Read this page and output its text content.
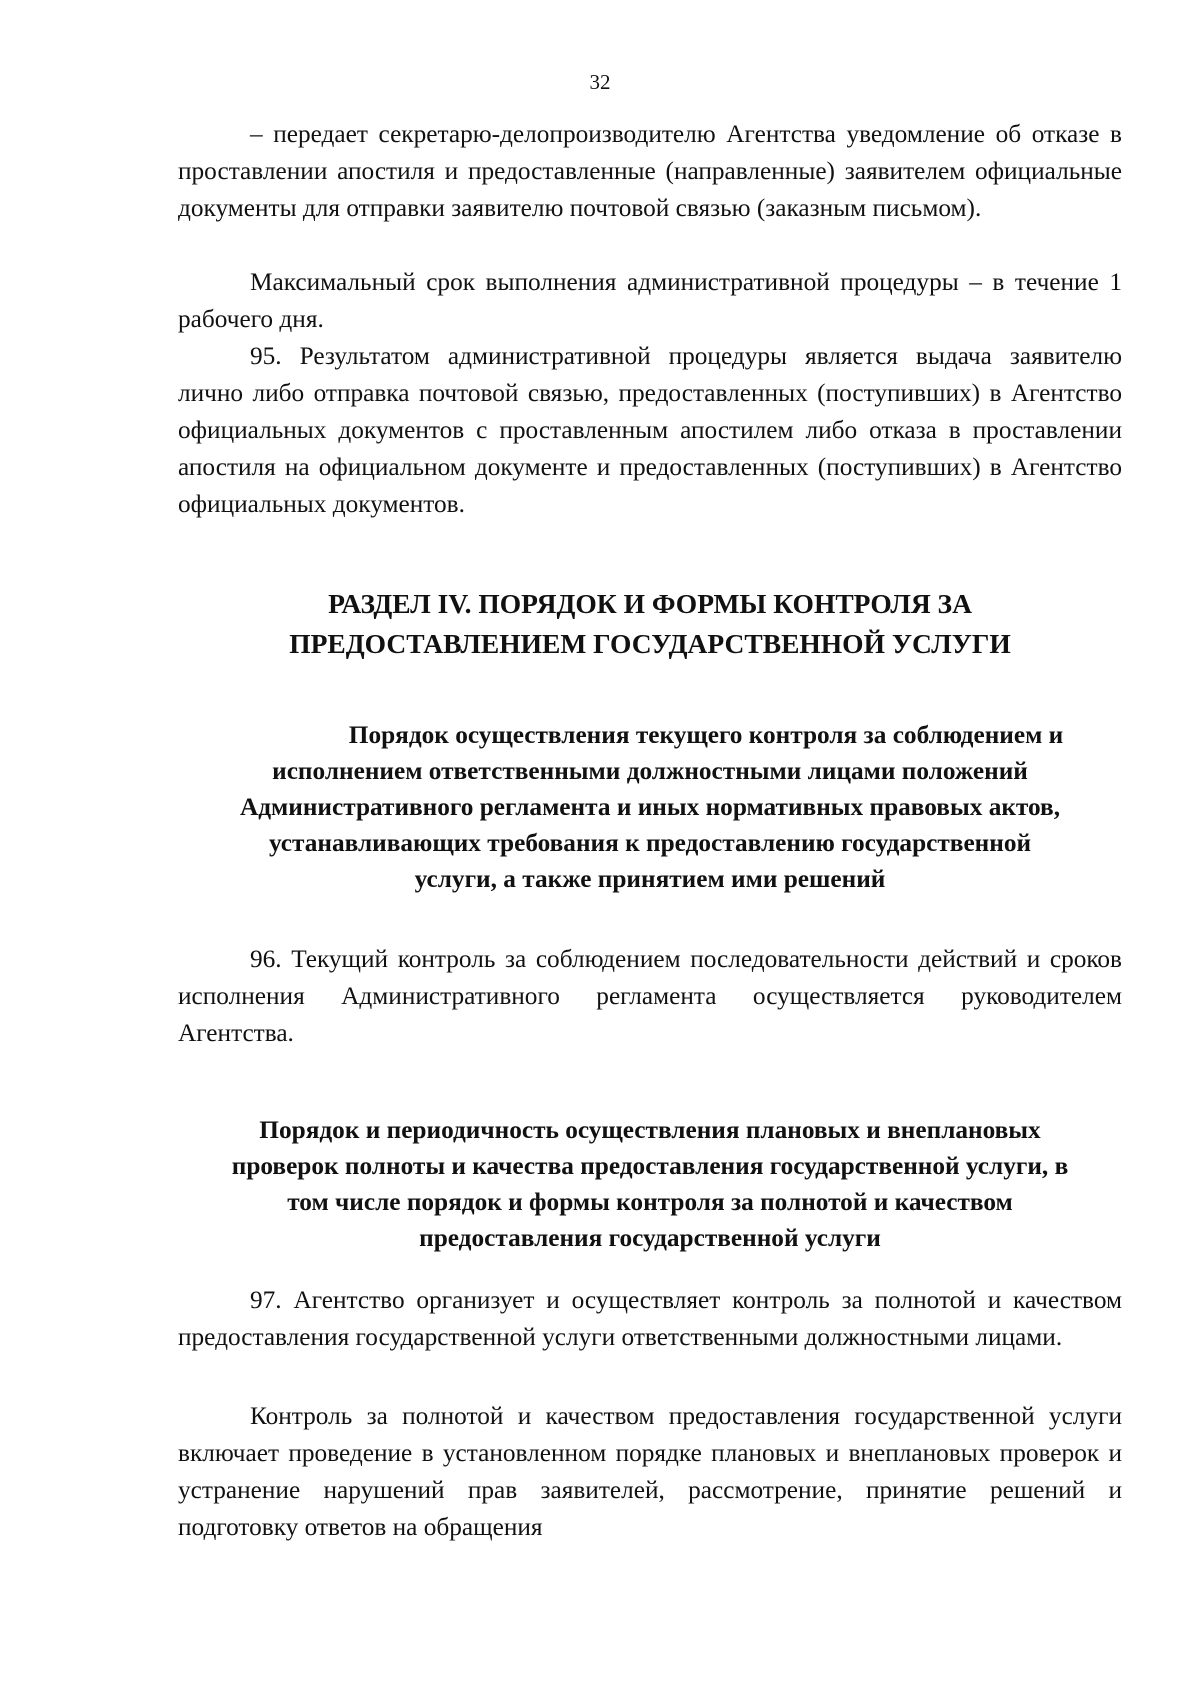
32

– передает секретарю-делопроизводителю Агентства уведомление об отказе в проставлении апостиля и предоставленные (направленные) заявителем официальные документы для отправки заявителю почтовой связью (заказным письмом).

Максимальный срок выполнения административной процедуры – в течение 1 рабочего дня.

95. Результатом административной процедуры является выдача заявителю лично либо отправка почтовой связью, предоставленных (поступивших) в Агентство официальных документов с проставленным апостилем либо отказа в проставлении апостиля на официальном документе и предоставленных (поступивших) в Агентство официальных документов.

РАЗДЕЛ IV. ПОРЯДОК И ФОРМЫ КОНТРОЛЯ ЗА
ПРЕДОСТАВЛЕНИЕМ ГОСУДАРСТВЕННОЙ УСЛУГИ
Порядок осуществления текущего контроля за соблюдением и
исполнением ответственными должностными лицами положений
Административного регламента и иных нормативных правовых актов,
устанавливающих требования к предоставлению государственной
услуги, а также принятием ими решений

96. Текущий контроль за соблюдением последовательности действий и сроков исполнения Административного регламента осуществляется руководителем Агентства.

Порядок и периодичность осуществления плановых и внеплановых
проверок полноты и качества предоставления государственной услуги, в
том числе порядок и формы контроля за полнотой и качеством
предоставления государственной услуги

97. Агентство организует и осуществляет контроль за полнотой и качеством предоставления государственной услуги ответственными должностными лицами.

Контроль за полнотой и качеством предоставления государственной услуги включает проведение в установленном порядке плановых и внеплановых проверок и устранение нарушений прав заявителей, рассмотрение, принятие решений и подготовку ответов на обращения
